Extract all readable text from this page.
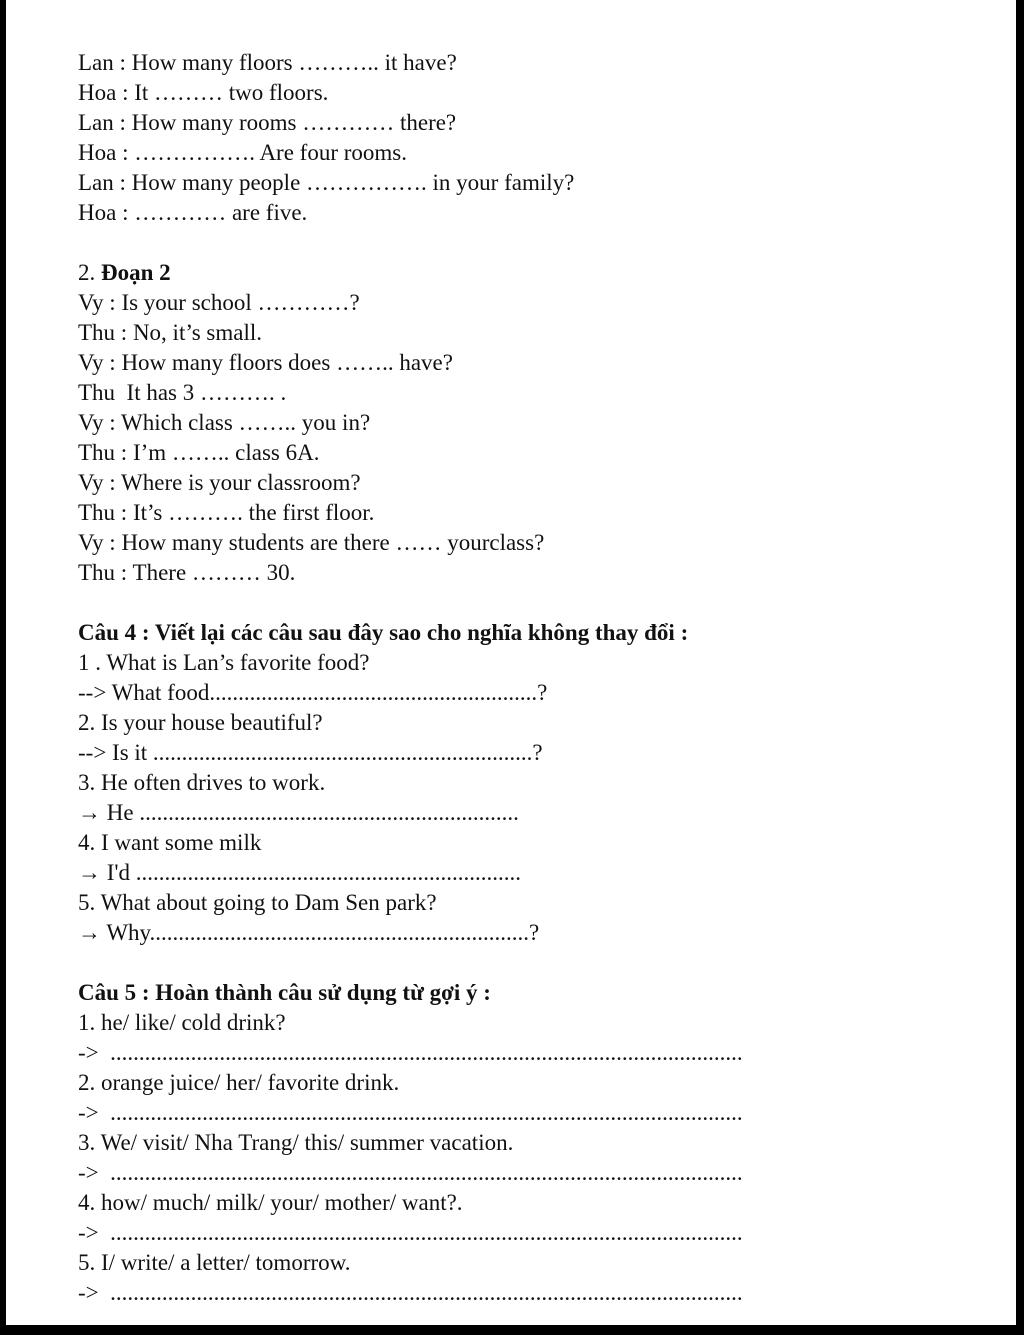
Lan : How many floors ……….. it have?
Hoa : It ……… two floors.
Lan : How many rooms ………… there?
Hoa : ……………. Are four rooms.
Lan : How many people ……………. in your family?
Hoa : ………… are five.
2. Đoạn 2
Vy : Is your school …………?
Thu : No, it’s small.
Vy : How many floors does …….. have?
Thu  It has 3 ………. .
Vy : Which class …….. you in?
Thu : I’m …….. class 6A.
Vy : Where is your classroom?
Thu : It’s ………. the first floor.
Vy : How many students are there …… yourclass?
Thu : There ……… 30.
Câu 4 : Viết lại các câu sau đây sao cho nghĩa không thay đổi :
1 . What is Lan’s favorite food?
--> What food.........................................................?
2. Is your house beautiful?
--> Is it ..................................................................?
3. He often drives to work.
→ He ..................................................................
4. I want some milk
→ I'd ...................................................................
5. What about going to Dam Sen park?
→ Why..................................................................?
Câu 5 : Hoàn thành câu sử dụng từ gợi ý :
1. he/ like/ cold drink?
->  ..............................................................................................................
2. orange juice/ her/ favorite drink.
->  ..............................................................................................................
3. We/ visit/ Nha Trang/ this/ summer vacation.
->  ..............................................................................................................
4. how/ much/ milk/ your/ mother/ want?.
->  ..............................................................................................................
5. I/ write/ a letter/ tomorrow.
->  ..............................................................................................................
